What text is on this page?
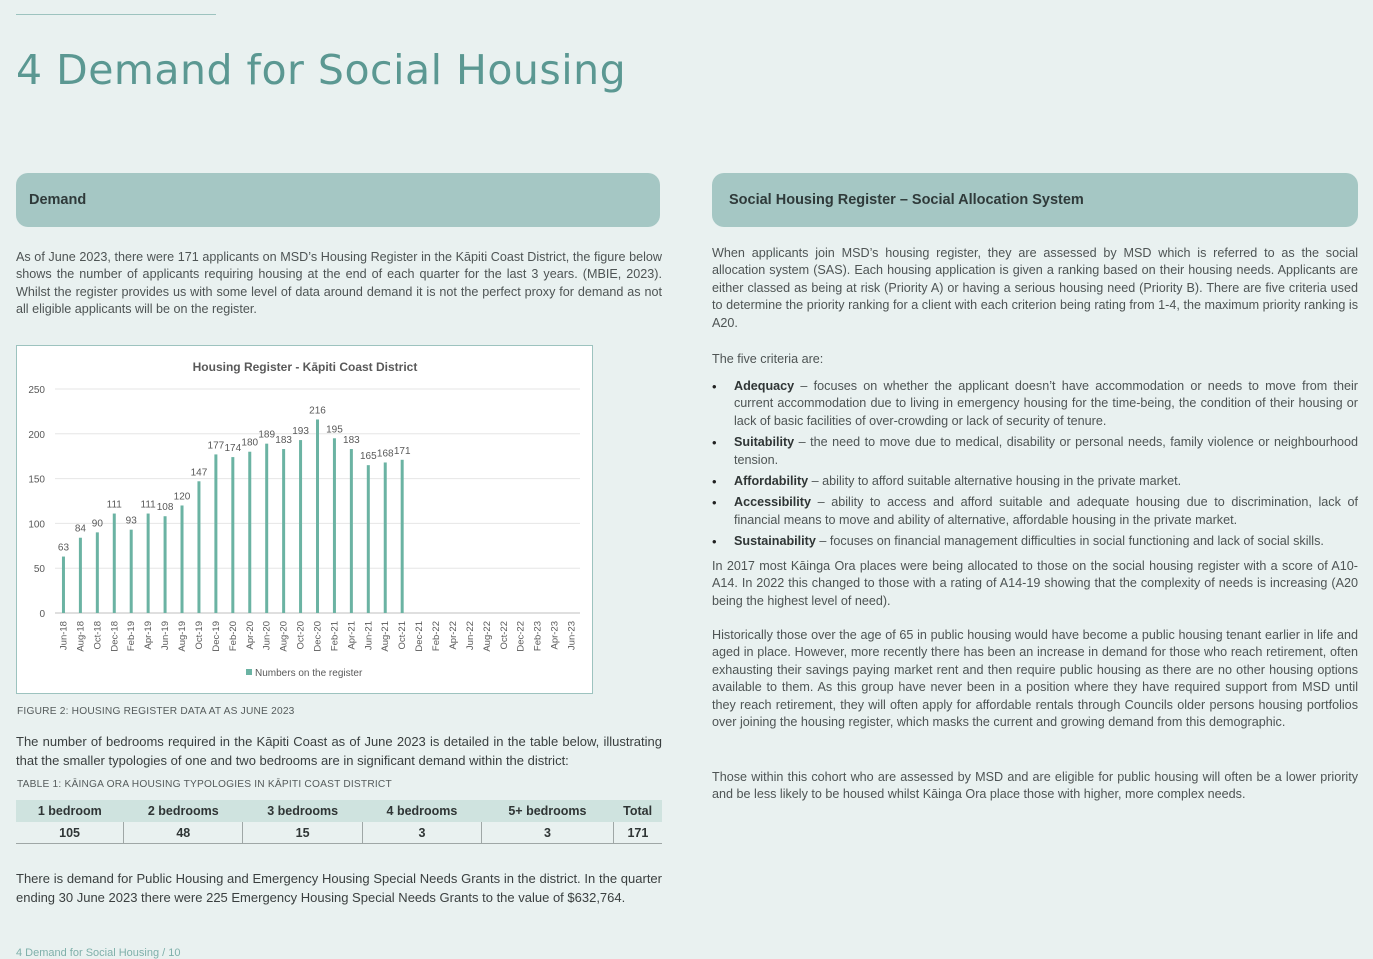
4 Demand for Social Housing
Demand

As of June 2023, there were 171 applicants on MSD’s Housing Register in the Kāpiti Coast District, the figure below shows the number of applicants requiring housing at the end of each quarter for the last 3 years. (MBIE, 2023). Whilst the register provides us with some level of data around demand it is not the perfect proxy for demand as not all eligible applicants will be on the register.

Housing Register - Kāpiti Coast District
0
50
100
150
200
250
63
84 90
111
93
111 108
120
147
177 174 180
189 183
193
216
195
183
165 168 171
Jun-18 Aug-18 Oct-18 Dec-18 Feb-19 Apr-19 Jun-19 Aug-19 Oct-19 Dec-19 Feb-20 Apr-20 Jun-20 Aug-20 Oct-20 Dec-20 Feb-21 Apr-21 Jun-21 Aug-21 Oct-21 Dec-21 Feb-22 Apr-22 Jun-22 Aug-22 Oct-22 Dec-22 Feb-23 Apr-23 Jun-23
Numbers on the register

FIGURE 2: HOUSING REGISTER DATA AT AS JUNE 2023

The number of bedrooms required in the Kāpiti Coast as of June 2023 is detailed in the table below, illustrating that the smaller typologies of one and two bedrooms are in significant demand within the district:

TABLE 1: KĀINGA ORA HOUSING TYPOLOGIES IN KĀPITI COAST DISTRICT

1 bedroom	2 bedrooms	3 bedrooms	4 bedrooms	5+ bedrooms	Total
105	48	15	3	3	171

There is demand for Public Housing and Emergency Housing Special Needs Grants in the district. In the quarter ending 30 June 2023 there were 225 Emergency Housing Special Needs Grants to the value of $632,764.

Social Housing Register – Social Allocation System

When applicants join MSD’s housing register, they are assessed by MSD which is referred to as the social allocation system (SAS). Each housing application is given a ranking based on their housing needs. Applicants are either classed as being at risk (Priority A) or having a serious housing need (Priority B). There are five criteria used to determine the priority ranking for a client with each criterion being rating from 1-4, the maximum priority ranking is A20.

The five criteria are:

• Adequacy – focuses on whether the applicant doesn’t have accommodation or needs to move from their current accommodation due to living in emergency housing for the time-being, the condition of their housing or lack of basic facilities of over-crowding or lack of security of tenure.
• Suitability – the need to move due to medical, disability or personal needs, family violence or neighbourhood tension.
• Affordability – ability to afford suitable alternative housing in the private market.
• Accessibility – ability to access and afford suitable and adequate housing due to discrimination, lack of financial means to move and ability of alternative, affordable housing in the private market.
• Sustainability – focuses on financial management difficulties in social functioning and lack of social skills.

In 2017 most Kāinga Ora places were being allocated to those on the social housing register with a score of A10-A14. In 2022 this changed to those with a rating of A14-19 showing that the complexity of needs is increasing (A20 being the highest level of need).

Historically those over the age of 65 in public housing would have become a public housing tenant earlier in life and aged in place. However, more recently there has been an increase in demand for those who reach retirement, often exhausting their savings paying market rent and then require public housing as there are no other housing options available to them. As this group have never been in a position where they have required support from MSD until they reach retirement, they will often apply for affordable rentals through Councils older persons housing portfolios over joining the housing register, which masks the current and growing demand from this demographic.

Those within this cohort who are assessed by MSD and are eligible for public housing will often be a lower priority and be less likely to be housed whilst Kāinga Ora place those with higher, more complex needs.

4 Demand for Social Housing / 10
